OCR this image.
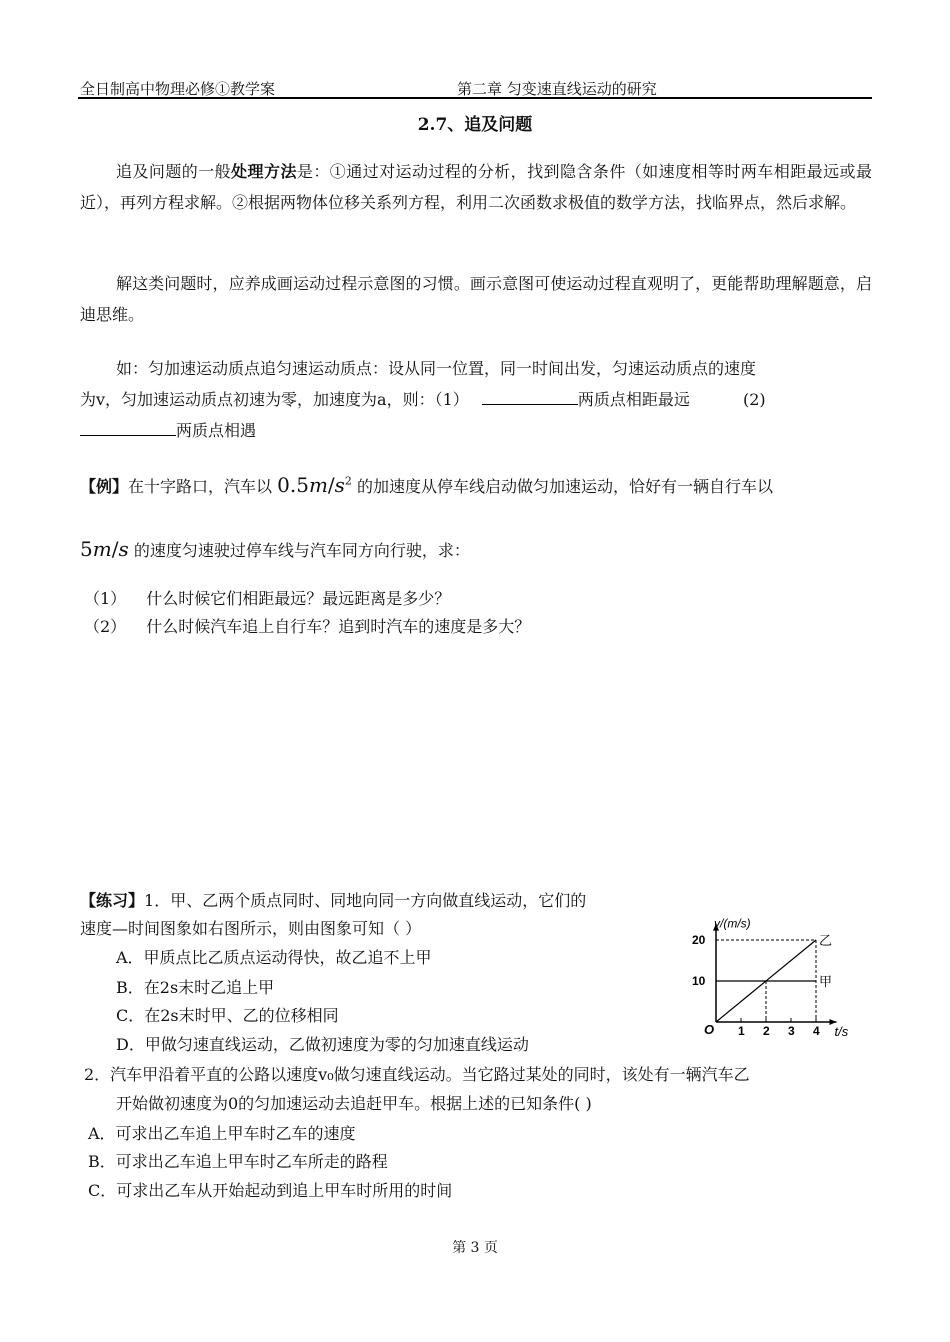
全日制高中物理必修①教学案	第二章 匀变速直线运动的研究
2.7、追及问题
追及问题的一般处理方法是：①通过对运动过程的分析，找到隐含条件（如速度相等时两车相距最远或最近），再列方程求解。②根据两物体位移关系列方程，利用二次函数求极值的数学方法，找临界点，然后求解。
解这类问题时，应养成画运动过程示意图的习惯。画示意图可使运动过程直观明了，更能帮助理解题意，启迪思维。
如：匀加速运动质点追匀速运动质点：设从同一位置，同一时间出发，匀速运动质点的速度
为v，匀加速运动质点初速为零，加速度为a，则：（1）	两质点相距最远	(2)
两质点相遇
【例】在十字路口，汽车以 $0.5m/s^2$ 的加速度从停车线启动做匀加速运动，恰好有一辆自行车以
5m/s 的速度匀速驶过停车线与汽车同方向行驶，求：
（1） 什么时候它们相距最远？最远距离是多少？
（2） 什么时候汽车追上自行车？追到时汽车的速度是多大？
【练习】1．甲、乙两个质点同时、同地向同一方向做直线运动，它们的
速度—时间图象如右图所示，则由图象可知（ ）
A．甲质点比乙质点运动得快，故乙追不上甲
B．在2s末时乙追上甲
C．在2s末时甲、乙的位移相同
D．甲做匀速直线运动，乙做初速度为零的匀加速直线运动
v/(m/s)
t/s
O 1 2 3 4
10
20
甲
乙
2．汽车甲沿着平直的公路以速度v₀做匀速直线运动。当它路过某处的同时，该处有一辆汽车乙
开始做初速度为0的匀加速运动去追赶甲车。根据上述的已知条件( )
A．可求出乙车追上甲车时乙车的速度
B．可求出乙车追上甲车时乙车所走的路程
C．可求出乙车从开始起动到追上甲车时所用的时间
第 3 页
